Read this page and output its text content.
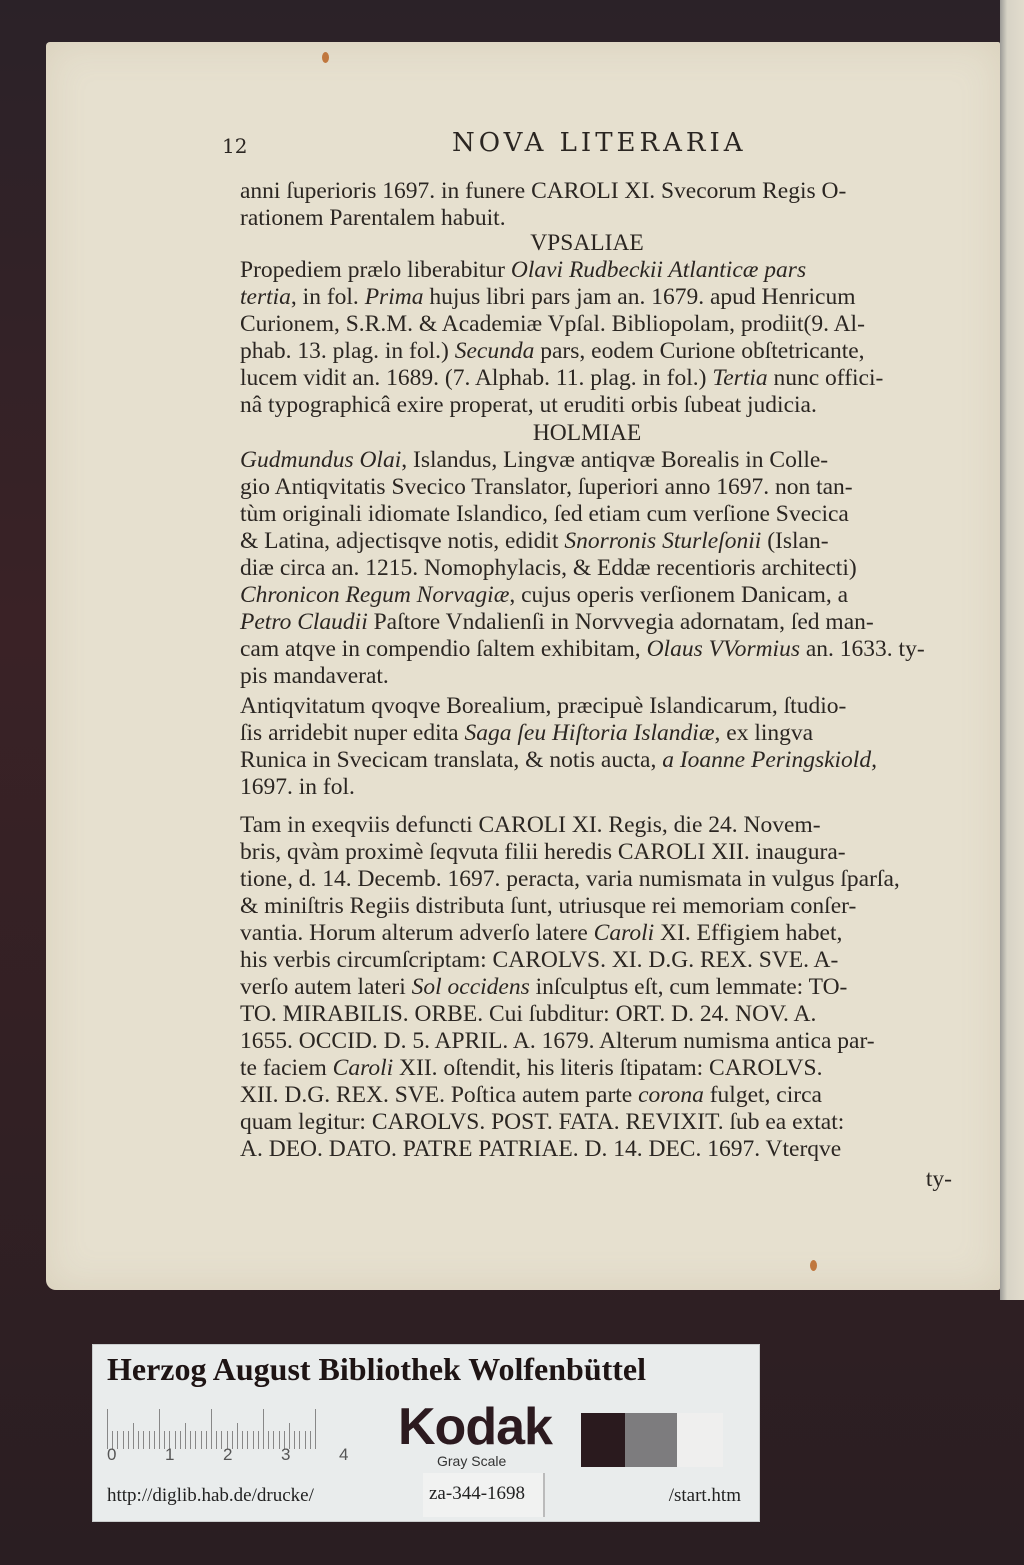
12	NOVA LITERARIA
anni ſuperioris 1697. in funere CAROLI XI. Svecorum Regis O-
rationem Parentalem habuit.
VPSALIAE
Propediem prælo liberabitur Olavi Rudbeckii Atlanticæ pars
tertia, in fol. Prima hujus libri pars jam an. 1679. apud Henricum
Curionem, S.R.M. & Academiæ Vpſal. Bibliopolam, prodiit(9. Al-
phab. 13. plag. in fol.) Secunda pars, eodem Curione obſtetricante,
lucem vidit an. 1689. (7. Alphab. 11. plag. in fol.) Tertia nunc offici-
nâ typographicâ exire properat, ut eruditi orbis ſubeat judicia.
HOLMIAE
Gudmundus Olai, Islandus, Lingvæ antiqvæ Borealis in Colle-
gio Antiqvitatis Svecico Translator, ſuperiori anno 1697. non tan-
tùm originali idiomate Islandico, ſed etiam cum verſione Svecica
& Latina, adjectisqve notis, edidit Snorronis Sturleſonii (Islan-
diæ circa an. 1215. Nomophylacis, & Eddæ recentioris architecti)
Chronicon Regum Norvagiæ, cujus operis verſionem Danicam, a
Petro Claudii Paſtore Vndalienſi in Norvvegia adornatam, ſed man-
cam atqve in compendio ſaltem exhibitam, Olaus VVormius an. 1633. ty-
pis mandaverat.
Antiqvitatum qvoqve Borealium, præcipuè Islandicarum, ſtudio-
ſis arridebit nuper edita Saga ſeu Hiſtoria Islandiæ, ex lingva
Runica in Svecicam translata, & notis aucta, a Ioanne Peringskiold,
1697. in fol.
Tam in exeqviis defuncti CAROLI XI. Regis, die 24. Novem-
bris, qvàm proximè ſeqvuta filii heredis CAROLI XII. inaugura-
tione, d. 14. Decemb. 1697. peracta, varia numismata in vulgus ſparſa,
& miniſtris Regiis distributa ſunt, utriusque rei memoriam conſer-
vantia. Horum alterum adverſo latere Caroli XI. Effigiem habet,
his verbis circumſcriptam: CAROLVS. XI. D.G. REX. SVE. A-
verſo autem lateri Sol occidens inſculptus eſt, cum lemmate: TO-
TO. MIRABILIS. ORBE. Cui ſubditur: ORT. D. 24. NOV. A.
1655. OCCID. D. 5. APRIL. A. 1679. Alterum numisma antica par-
te faciem Caroli XII. oſtendit, his literis ſtipatam: CAROLVS.
XII. D.G. REX. SVE. Poſtica autem parte corona fulget, circa
quam legitur: CAROLVS. POST. FATA. REVIXIT. ſub ea extat:
A. DEO. DATO. PATRE PATRIAE. D. 14. DEC. 1697. Vterqve
ty-
Herzog August Bibliothek Wolfenbüttel
0	1	2	3	4 Kodak
Gray Scale
http://diglib.hab.de/drucke/	za-344-1698	/start.htm
